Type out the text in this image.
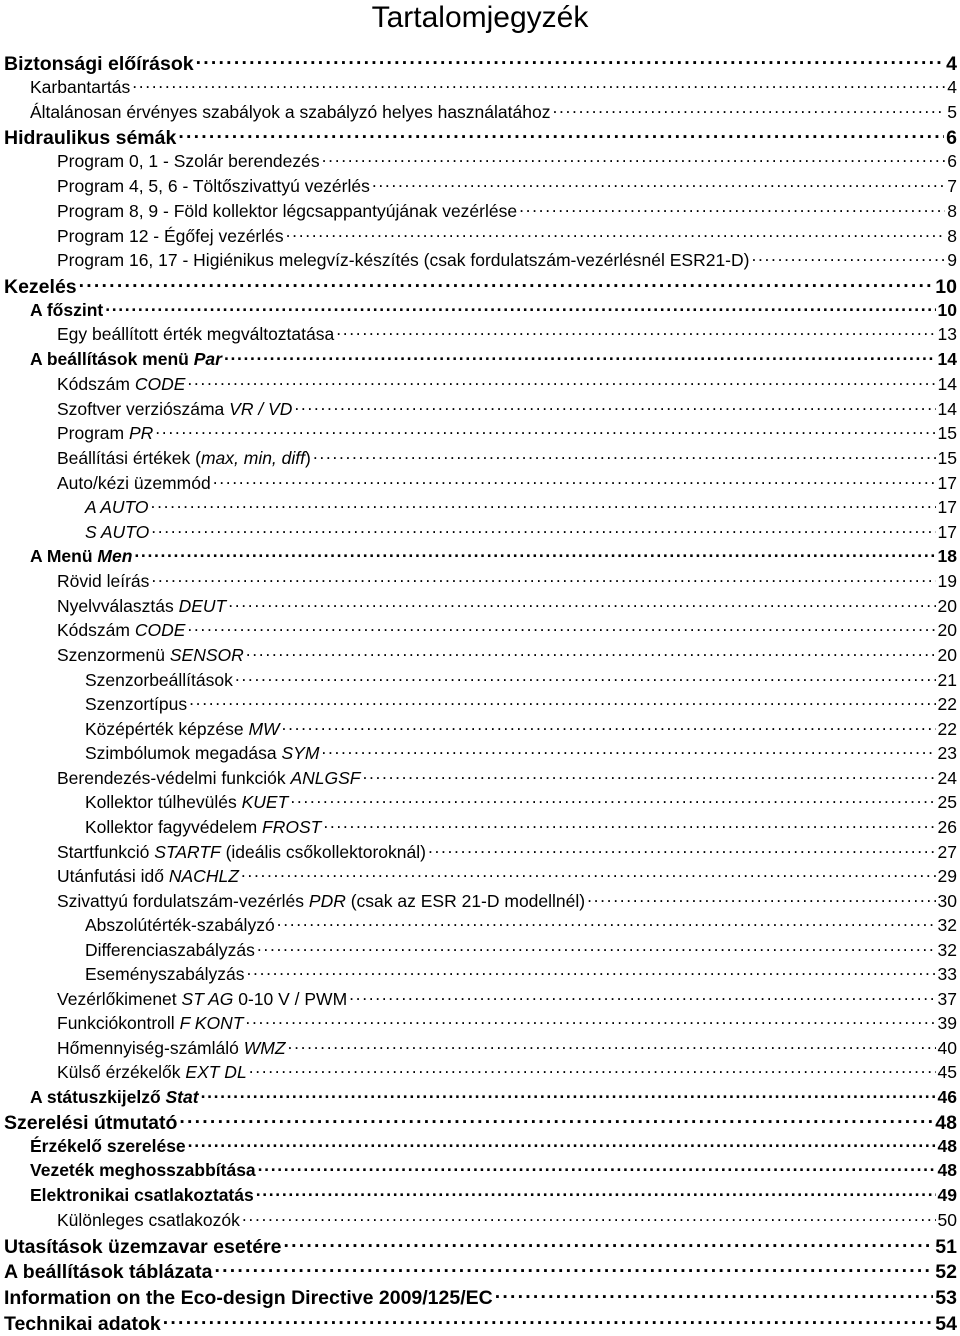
Tartalomjegyzék
Biztonsági előírások . . .	4
Karbantartás . . .	4
Általánosan érvényes szabályok a szabályzó helyes használatához . . .	5
Hidraulikus sémák . . .	6
Program 0, 1 - Szolár berendezés . . .	6
Program 4, 5, 6 - Töltőszivattyú vezérlés . . .	7
Program 8, 9 - Föld kollektor légcsappantyújának vezérlése . . .	8
Program 12 - Égőfej vezérlés . . .	8
Program 16, 17 - Higiénikus melegvíz-készítés (csak fordulatszám-vezérlésnél ESR21-D) . . .	9
Kezelés . . .	10
A főszint . . .	10
Egy beállított érték megváltoztatása . . .	13
A beállítások menü Par . . .	14
Kódszám CODE . . .	14
Szoftver verziószáma VR / VD . . .	14
Program PR . . .	15
Beállítási értékek (max, min, diff) . . .	15
Auto/kézi üzemmód . . .	17
A AUTO . . .	17
S AUTO . . .	17
A Menü Men . . .	18
Rövid leírás . . .	19
Nyelvválasztás DEUT . . .	20
Kódszám CODE . . .	20
Szenzormenü SENSOR . . .	20
Szenzorbeállítások . . .	21
Szenzortípus . . .	22
Középérték képzése MW . . .	22
Szimbólumok megadása SYM . . .	23
Berendezés-védelmi funkciók ANLGSF . . .	24
Kollektor túlhevülés KUET . . .	25
Kollektor fagyvédelem FROST . . .	26
Startfunkció STARTF (ideális csőkollektoroknál) . . .	27
Utánfutási idő NACHLZ . . .	29
Szivattyú fordulatszám-vezérlés PDR (csak az ESR 21-D modellnél) . . .	30
Abszolútérték-szabályzó . . .	32
Differenciaszabályzás . . .	32
Eseményszabályzás . . .	33
Vezérlőkimenet ST AG 0-10 V / PWM . . .	37
Funkciókontroll F KONT . . .	39
Hőmennyiség-számláló WMZ . . .	40
Külső érzékelők EXT DL . . .	45
A státuszkijelző Stat . . .	46
Szerelési útmutató . . .	48
Érzékelő szerelése . . .	48
Vezeték meghosszabbítása . . .	48
Elektronikai csatlakoztatás . . .	49
Különleges csatlakozók . . .	50
Utasítások üzemzavar esetére . . .	51
A beállítások táblázata . . .	52
Information on the Eco-design Directive 2009/125/EC . . .	53
Technikai adatok . . .	54
